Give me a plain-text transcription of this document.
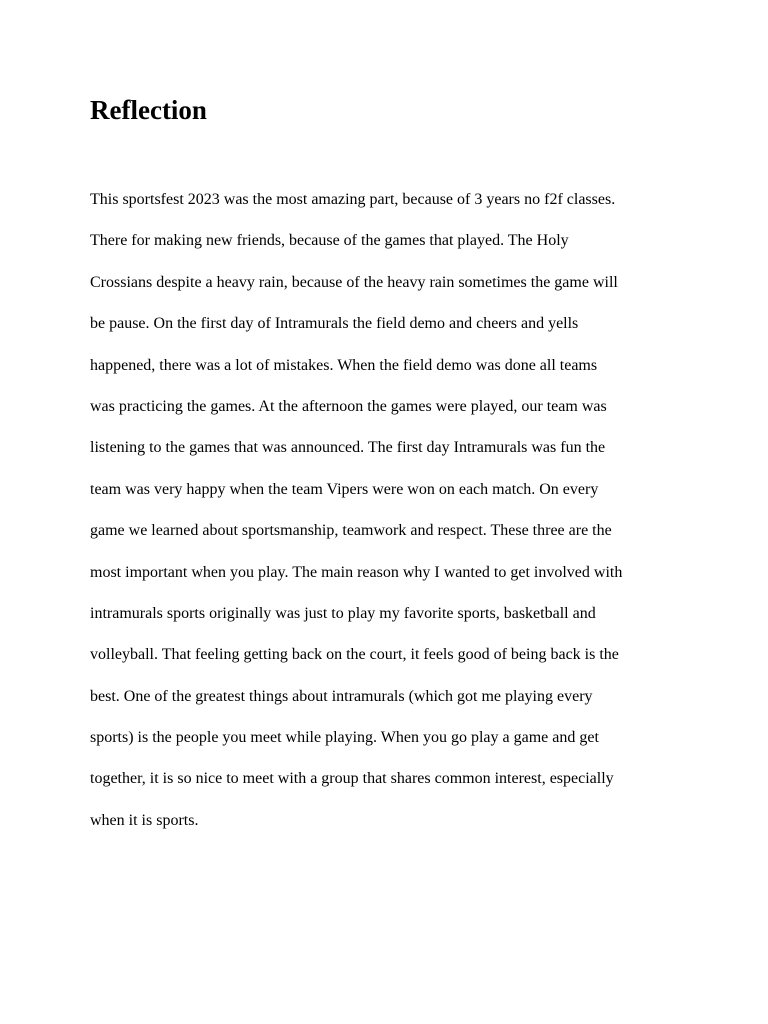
Reflection
This sportsfest 2023 was the most amazing part, because of 3 years no f2f classes.
There for making new friends, because of the games that played. The Holy
Crossians despite a heavy rain, because of the heavy rain sometimes the game will
be pause. On the first day of Intramurals the field demo and cheers and yells
happened, there was a lot of mistakes. When the field demo was done all teams
was practicing the games. At the afternoon the games were played, our team was
listening to the games that was announced. The first day Intramurals was fun the
team was very happy when the team Vipers were won on each match. On every
game we learned about sportsmanship, teamwork and respect. These three are the
most important when you play. The main reason why I wanted to get involved with
intramurals sports originally was just to play my favorite sports, basketball and
volleyball. That feeling getting back on the court, it feels good of being back is the
best. One of the greatest things about intramurals (which got me playing every
sports) is the people you meet while playing. When you go play a game and get
together, it is so nice to meet with a group that shares common interest, especially
when it is sports.
